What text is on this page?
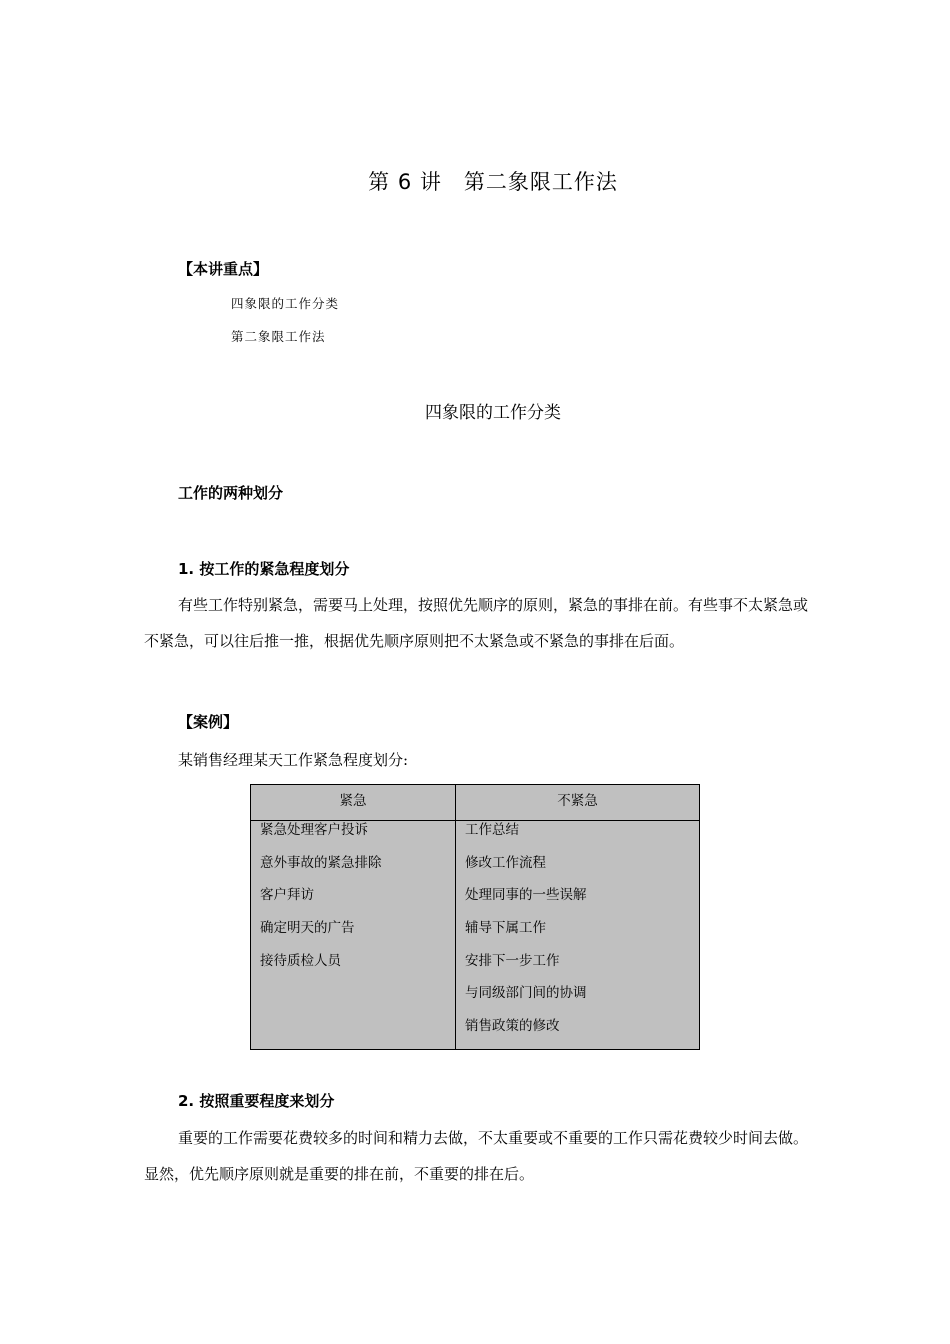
第 6 讲 第二象限工作法
【本讲重点】
四象限的工作分类
第二象限工作法
四象限的工作分类
工作的两种划分
1. 按工作的紧急程度划分
有些工作特别紧急，需要马上处理，按照优先顺序的原则，紧急的事排在前。有些事不太紧急或不紧急，可以往后推一推，根据优先顺序原则把不太紧急或不紧急的事排在后面。
【案例】
某销售经理某天工作紧急程度划分:
紧急	不紧急
紧急处理客户投诉
意外事故的紧急排除
客户拜访
确定明天的广告
接待质检人员
工作总结
修改工作流程
处理同事的一些误解
辅导下属工作
安排下一步工作
与同级部门间的协调
销售政策的修改
2. 按照重要程度来划分
重要的工作需要花费较多的时间和精力去做，不太重要或不重要的工作只需花费较少时间去做。显然，优先顺序原则就是重要的排在前，不重要的排在后。
